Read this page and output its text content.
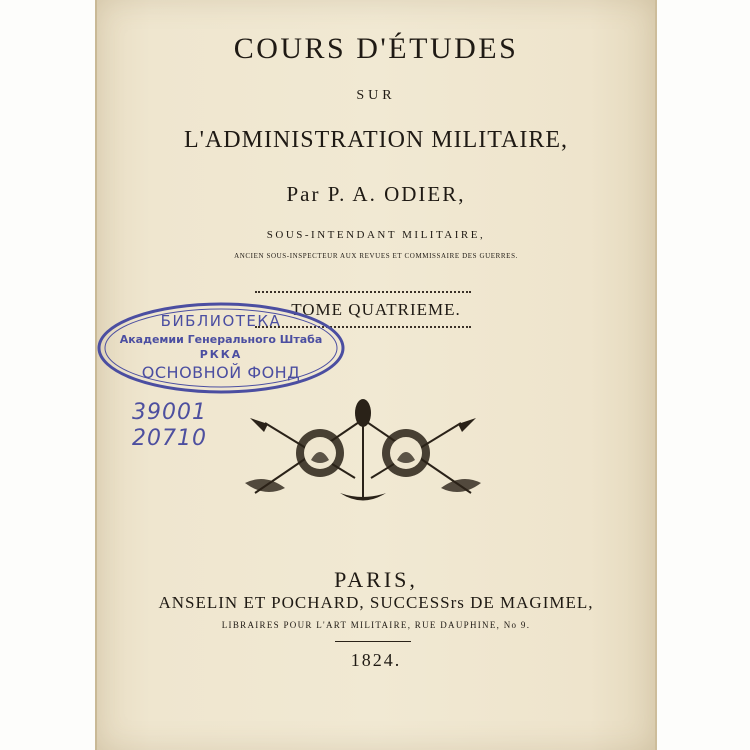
COURS D'ÉTUDES
SUR
L'ADMINISTRATION MILITAIRE,
Par P. A. ODIER,
SOUS-INTENDANT MILITAIRE,
ANCIEN SOUS-INSPECTEUR AUX REVUES ET COMMISSAIRE DES GUERRES.
TOME QUATRIEME.
БИБЛИОТЕКА
Академии Генерального Штаба
РККА
ОСНОВНОЙ ФОНД
39001
20710
PARIS,
ANSELIN ET POCHARD, SUCCESSrs DE MAGIMEL,
LIBRAIRES POUR L'ART MILITAIRE, RUE DAUPHINE, No 9.
1824.
